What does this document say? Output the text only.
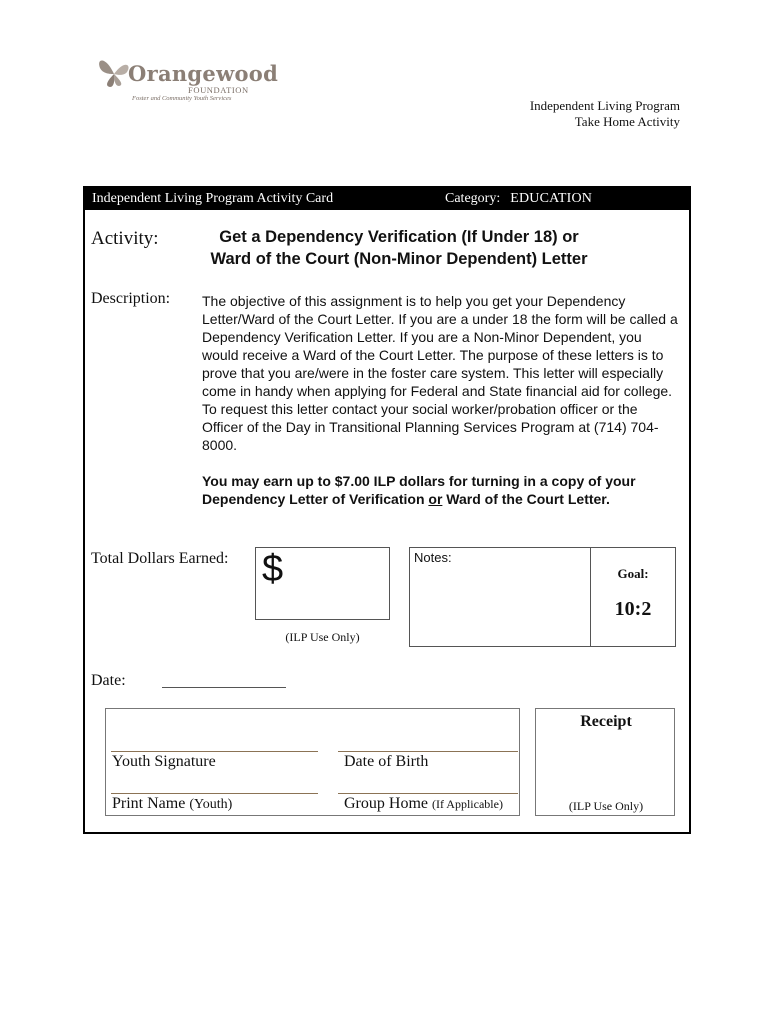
Orangewood
FOUNDATION
Foster and Community Youth Services	Independent Living Program
Take Home Activity
Independent Living Program Activity Card	Category: EDUCATION
Activity:	Get a Dependency Verification (If Under 18) or
Ward of the Court (Non-Minor Dependent) Letter
Description: The objective of this assignment is to help you get your Dependency Letter/Ward of the Court Letter. If you are a under 18 the form will be called a Dependency Verification Letter. If you are a Non-Minor Dependent, you would receive a Ward of the Court Letter. The purpose of these letters is to prove that you are/were in the foster care system. This letter will especially come in handy when applying for Federal and State financial aid for college. To request this letter contact your social worker/probation officer or the Officer of the Day in Transitional Planning Services Program at (714) 704-8000.
You may earn up to $7.00 ILP dollars for turning in a copy of your Dependency Letter of Verification or Ward of the Court Letter.
Total Dollars Earned: $
(ILP Use Only)
Notes:
Goal:
10:2
Date:
Youth Signature	Date of Birth
Print Name (Youth)	Group Home (If Applicable)
Receipt
(ILP Use Only)
